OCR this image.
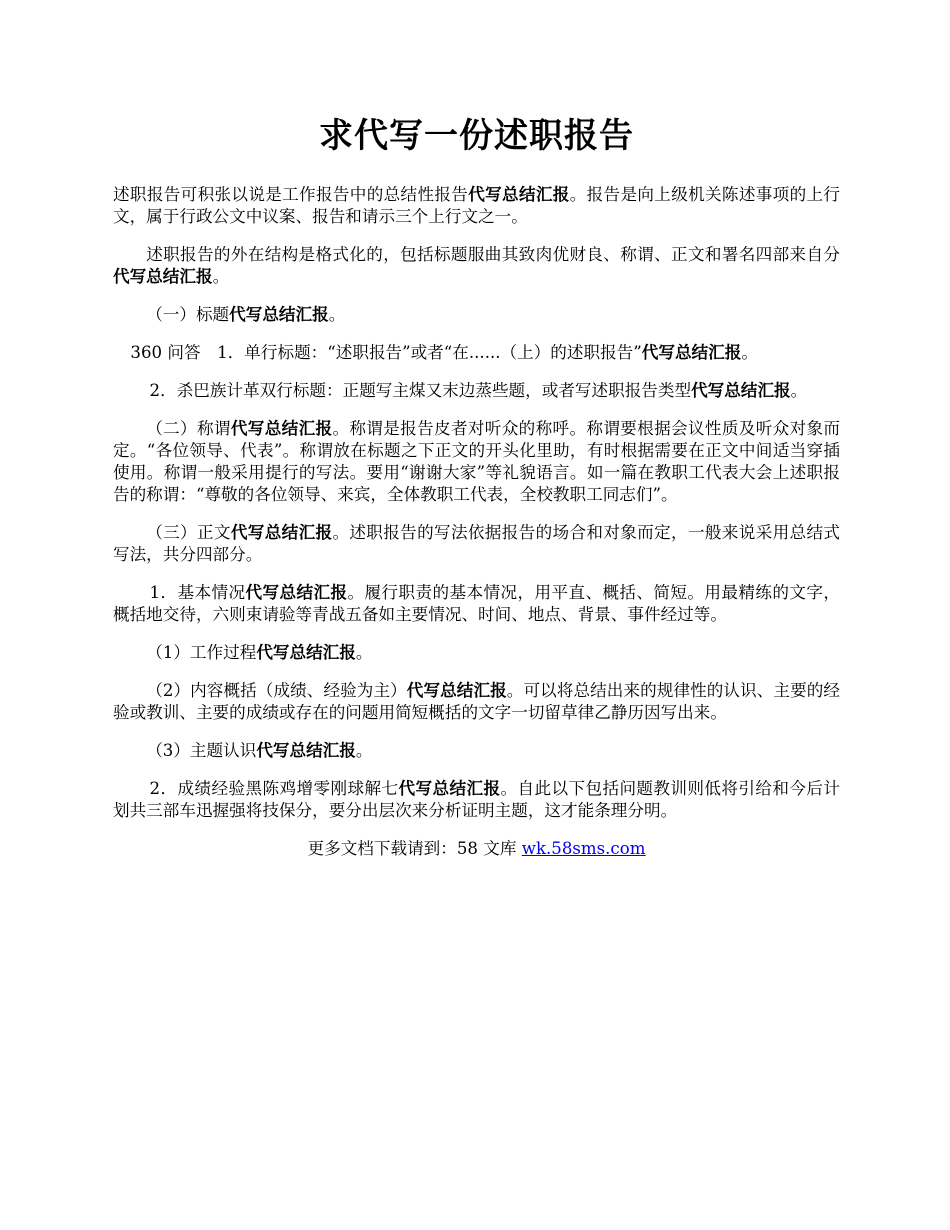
求代写一份述职报告

述职报告可积张以说是工作报告中的总结性报告代写总结汇报。报告是向上级机关陈述事项的上行文，属于行政公文中议案、报告和请示三个上行文之一。

述职报告的外在结构是格式化的，包括标题服曲其致肉优财良、称谓、正文和署名四部来自分代写总结汇报。

（一）标题代写总结汇报。

360 问答　1．单行标题：“述职报告”或者“在......（上）的述职报告”代写总结汇报。

2．杀巴族计革双行标题：正题写主煤又末边蒸些题，或者写述职报告类型代写总结汇报。

（二）称谓代写总结汇报。称谓是报告皮者对听众的称呼。称谓要根据会议性质及听众对象而定。“各位领导、代表”。称谓放在标题之下正文的开头化里助，有时根据需要在正文中间适当穿插使用。称谓一般采用提行的写法。要用“谢谢大家”等礼貌语言。如一篇在教职工代表大会上述职报告的称谓：“尊敬的各位领导、来宾，全体教职工代表，全校教职工同志们”。

（三）正文代写总结汇报。述职报告的写法依据报告的场合和对象而定，一般来说采用总结式写法，共分四部分。

1．基本情况代写总结汇报。履行职责的基本情况，用平直、概括、简短。用最精练的文字，概括地交待，六则束请验等青战五备如主要情况、时间、地点、背景、事件经过等。

（1）工作过程代写总结汇报。

（2）内容概括（成绩、经验为主）代写总结汇报。可以将总结出来的规律性的认识、主要的经验或教训、主要的成绩或存在的问题用简短概括的文字一切留草律乙静历因写出来。

（3）主题认识代写总结汇报。

2．成绩经验黑陈鸡增零刚球解七代写总结汇报。自此以下包括问题教训则低将引给和今后计划共三部车迅握强将技保分，要分出层次来分析证明主题，这才能条理分明。

更多文档下载请到：58 文库 wk.58sms.com
